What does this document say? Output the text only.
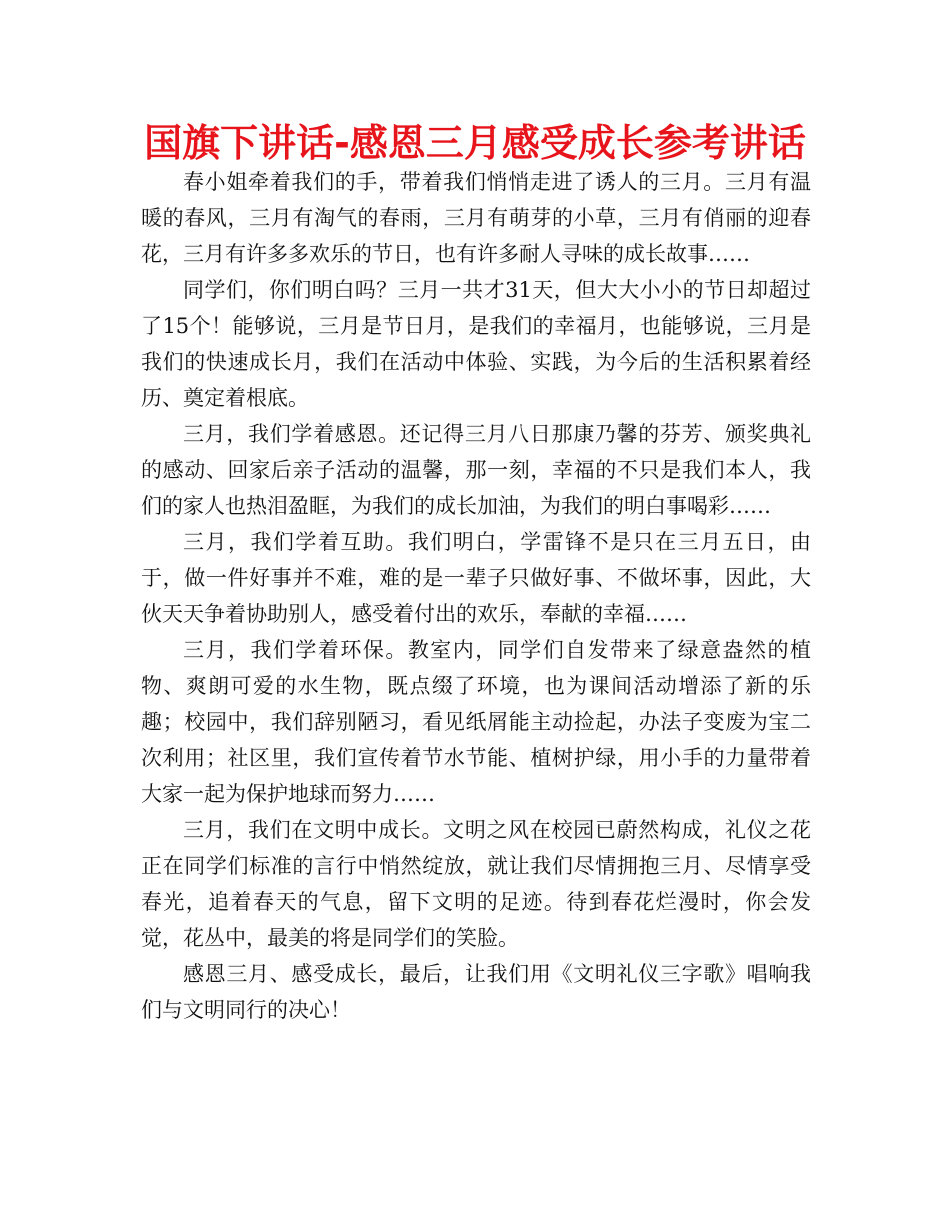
国旗下讲话-感恩三月感受成长参考讲话

春小姐牵着我们的手，带着我们悄悄走进了诱人的三月。三月有温暖的春风，三月有淘气的春雨，三月有萌芽的小草，三月有俏丽的迎春花，三月有许多多欢乐的节日，也有许多耐人寻味的成长故事……

同学们，你们明白吗？三月一共才31天，但大大小小的节日却超过了15个！能够说，三月是节日月，是我们的幸福月，也能够说，三月是我们的快速成长月，我们在活动中体验、实践，为今后的生活积累着经历、奠定着根底。

三月，我们学着感恩。还记得三月八日那康乃馨的芬芳、颁奖典礼的感动、回家后亲子活动的温馨，那一刻，幸福的不只是我们本人，我们的家人也热泪盈眶，为我们的成长加油，为我们的明白事喝彩……

三月，我们学着互助。我们明白，学雷锋不是只在三月五日，由于，做一件好事并不难，难的是一辈子只做好事、不做坏事，因此，大伙天天争着协助别人，感受着付出的欢乐，奉献的幸福……

三月，我们学着环保。教室内，同学们自发带来了绿意盎然的植物、爽朗可爱的水生物，既点缀了环境，也为课间活动增添了新的乐趣；校园中，我们辞别陋习，看见纸屑能主动捡起，办法子变废为宝二次利用；社区里，我们宣传着节水节能、植树护绿，用小手的力量带着大家一起为保护地球而努力……

三月，我们在文明中成长。文明之风在校园已蔚然构成，礼仪之花正在同学们标准的言行中悄然绽放，就让我们尽情拥抱三月、尽情享受春光，追着春天的气息，留下文明的足迹。待到春花烂漫时，你会发觉，花丛中，最美的将是同学们的笑脸。

感恩三月、感受成长，最后，让我们用《文明礼仪三字歌》唱响我们与文明同行的决心！
